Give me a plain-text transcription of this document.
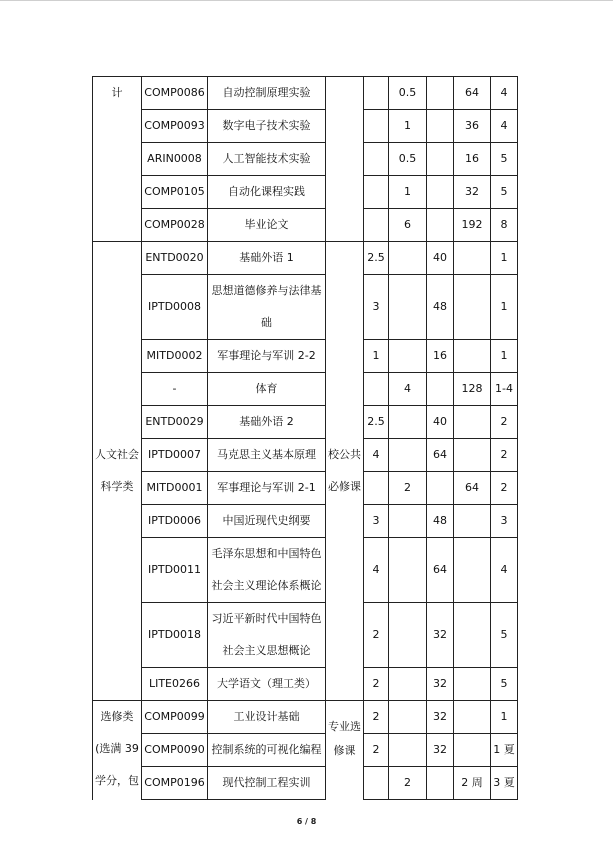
计	COMP0086	自动控制原理实验			0.5		64	4
	COMP0093	数字电子技术实验			1		36	4
	ARIN0008	人工智能技术实验			0.5		16	5
	COMP0105	自动化课程实践			1		32	5
	COMP0028	毕业论文			6		192	8
人文社会科学类	ENTD0020	基础外语 1	校公共必修课	2.5		40		1
	IPTD0008	思想道德修养与法律基础		3		48		1
	MITD0002	军事理论与军训 2-2		1		16		1
	-	体育			4		128	1-4
	ENTD0029	基础外语 2		2.5		40		2
	IPTD0007	马克思主义基本原理		4		64		2
	MITD0001	军事理论与军训 2-1			2		64	2
	IPTD0006	中国近现代史纲要		3		48		3
	IPTD0011	毛泽东思想和中国特色社会主义理论体系概论		4		64		4
	IPTD0018	习近平新时代中国特色社会主义思想概论		2		32		5
	LITE0266	大学语文（理工类）		2		32		5
选修类(选满 39 学分，包	COMP0099	工业设计基础	专业选修课	2		32		1
	COMP0090	控制系统的可视化编程		2		32		1 夏
	COMP0196	现代控制工程实训			2		2 周	3 夏
6 / 8
